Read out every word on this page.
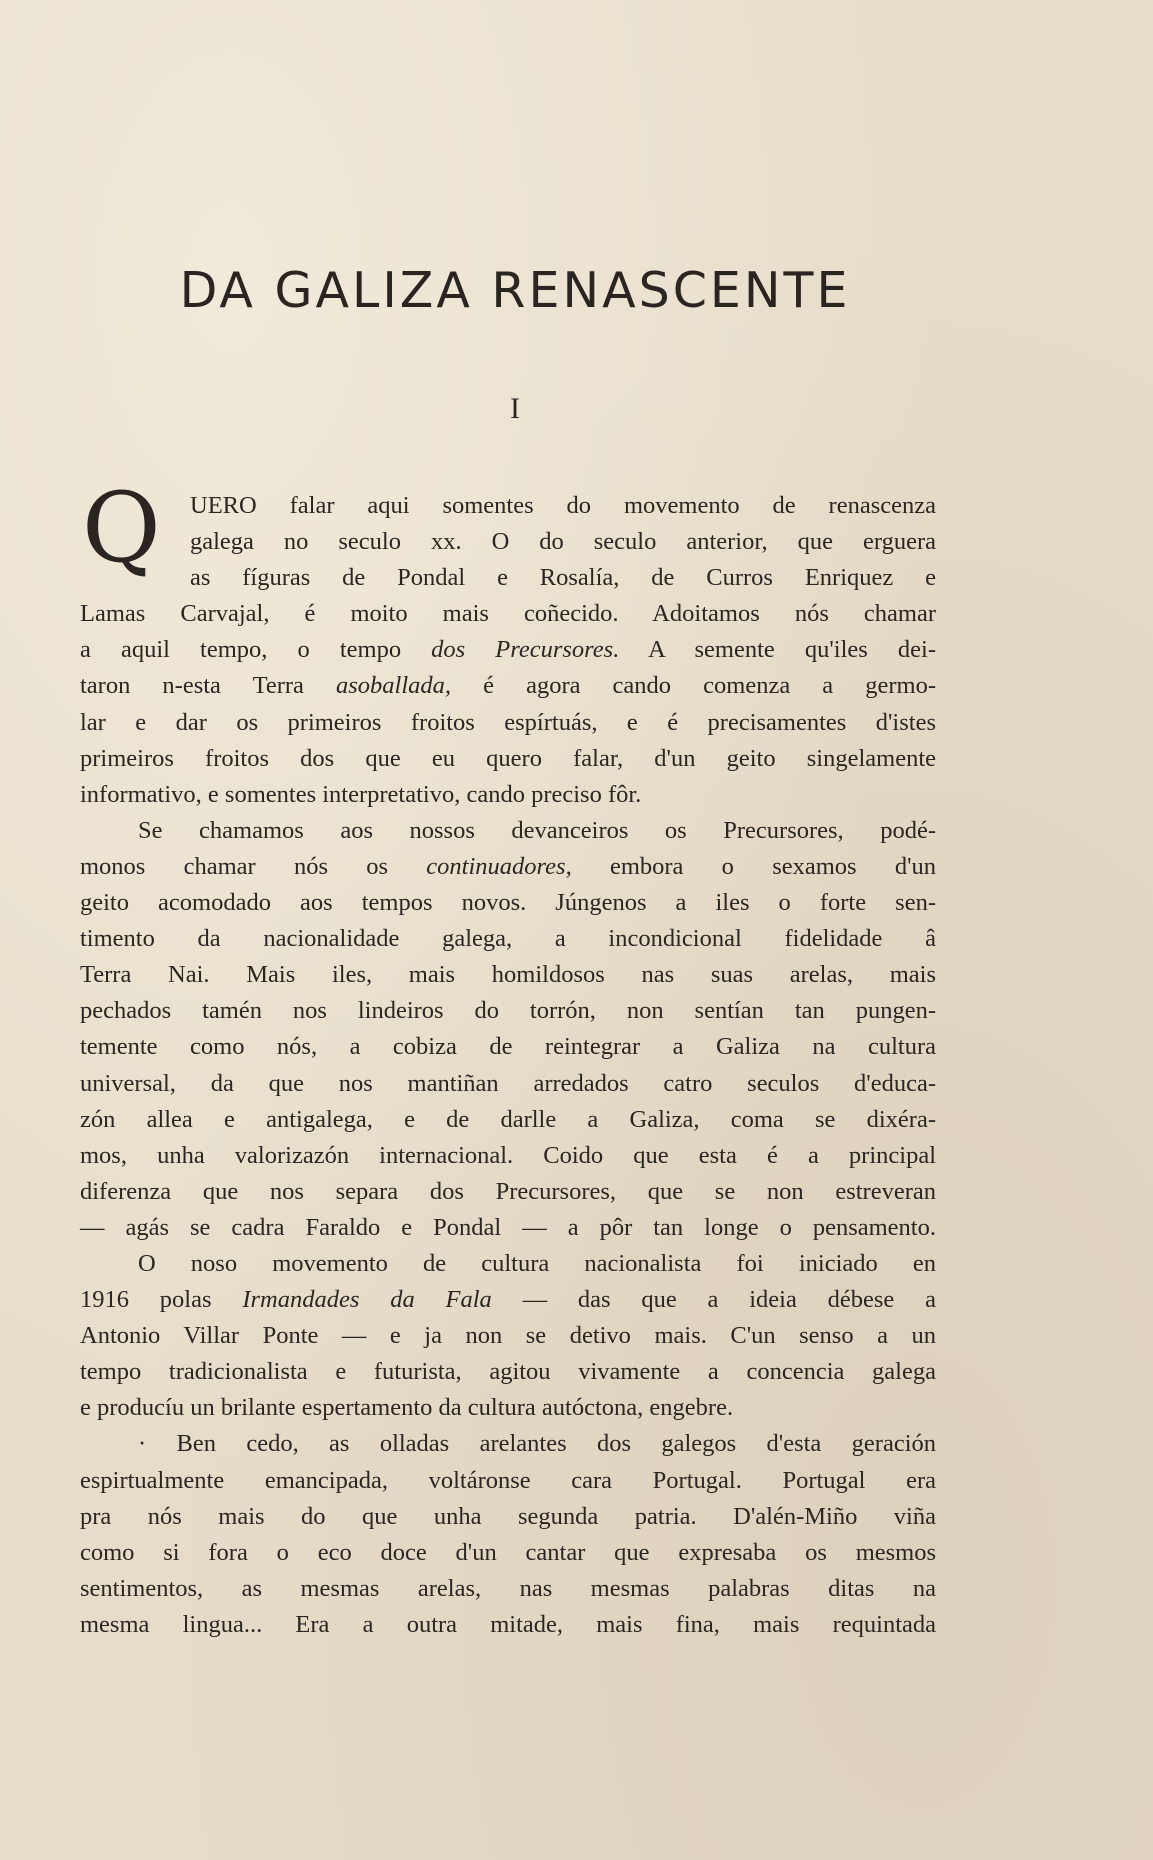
DA GALIZA RENASCENTE
I
Q	UERO falar aqui somentes do movemento de renascenza
galega no seculo xx. O do seculo anterior, que erguera
as fíguras de Pondal e Rosalía, de Curros Enriquez e
Lamas Carvajal, é moito mais coñecido. Adoitamos nós chamar
a aquil tempo, o tempo dos Precursores. A semente qu'iles dei-
taron n-esta Terra asoballada, é agora cando comenza a germo-
lar e dar os primeiros froitos espírtuás, e é precisamentes d'istes
primeiros froitos dos que eu quero falar, d'un geito singelamente
informativo, e somentes interpretativo, cando preciso fôr.
Se chamamos aos nossos devanceiros os Precursores, podé-
monos chamar nós os continuadores, embora o sexamos d'un
geito acomodado aos tempos novos. Júngenos a iles o forte sen-
timento da nacionalidade galega, a incondicional fidelidade â
Terra Nai. Mais iles, mais homildosos nas suas arelas, mais
pechados tamén nos lindeiros do torrón, non sentían tan pungen-
temente como nós, a cobiza de reintegrar a Galiza na cultura
universal, da que nos mantiñan arredados catro seculos d'educa-
zón allea e antigalega, e de darlle a Galiza, coma se dixéra-
mos, unha valorizazón internacional. Coido que esta é a principal
diferenza que nos separa dos Precursores, que se non estreveran
— agás se cadra Faraldo e Pondal — a pôr tan longe o pensamento.
O noso movemento de cultura nacionalista foi iniciado en
1916 polas Irmandades da Fala — das que a ideia débese a
Antonio Villar Ponte — e ja non se detivo mais. C'un senso a un
tempo tradicionalista e futurista, agitou vivamente a concencia galega
e producíu un brilante espertamento da cultura autóctona, engebre.
· Ben cedo, as olladas arelantes dos galegos d'esta geración
espirtualmente emancipada, voltáronse cara Portugal. Portugal era
pra nós mais do que unha segunda patria. D'alén-Miño viña
como si fora o eco doce d'un cantar que expresaba os mesmos
sentimentos, as mesmas arelas, nas mesmas palabras ditas na
mesma lingua... Era a outra mitade, mais fina, mais requintada
